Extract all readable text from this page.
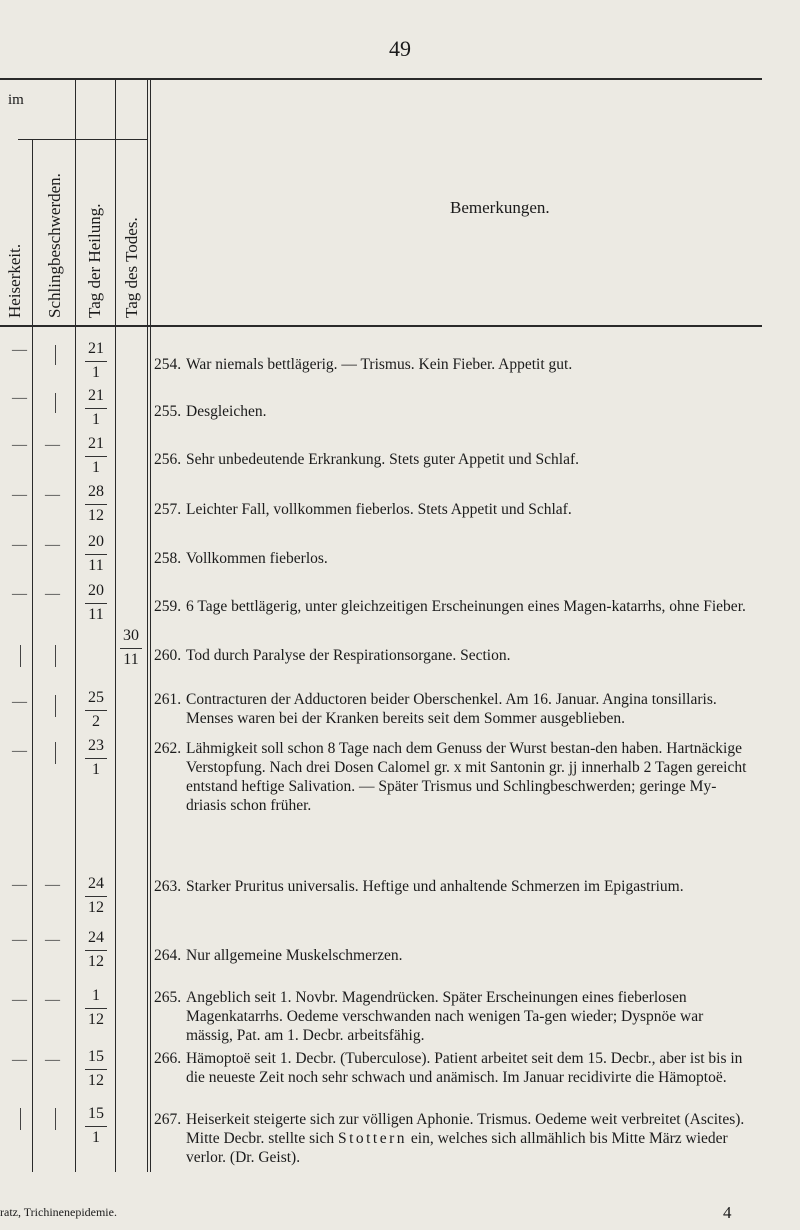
49
im
Heiserkeit. Schlingbeschwerden. Tag der Heilung. Tag des Todes.
Bemerkungen.
—
—
— —
— —
— —
— —
—
—
— —
— —
— —
— —
21
1
21
1
21
1
28
12
20
11
20
11
25
2
23
1
24
12
24
12
1
12
15
12
15
1
30
11
254. War niemals bettlägerig. — Trismus. Kein Fieber. Appetit gut.
255. Desgleichen.
256. Sehr unbedeutende Erkrankung. Stets guter Appetit und Schlaf.
257. Leichter Fall, vollkommen fieberlos. Stets Appetit und Schlaf.
258. Vollkommen fieberlos.
259. 6 Tage bettlägerig, unter gleichzeitigen Erscheinungen eines Magen-katarrhs, ohne Fieber.
260. Tod durch Paralyse der Respirationsorgane. Section.
261. Contracturen der Adductoren beider Oberschenkel. Am 16. Januar. Angina tonsillaris. Menses waren bei der Kranken bereits seit dem Sommer ausgeblieben.
262. Lähmigkeit soll schon 8 Tage nach dem Genuss der Wurst bestan-den haben. Hartnäckige Verstopfung. Nach drei Dosen Calomel gr. x mit Santonin gr. jj innerhalb 2 Tagen gereicht entstand heftige Salivation. — Später Trismus und Schlingbeschwerden; geringe My-driasis schon früher.
263. Starker Pruritus universalis. Heftige und anhaltende Schmerzen im Epigastrium.
264. Nur allgemeine Muskelschmerzen.
265. Angeblich seit 1. Novbr. Magendrücken. Später Erscheinungen eines fieberlosen Magenkatarrhs. Oedeme verschwanden nach wenigen Ta-gen wieder; Dyspnöe war mässig, Pat. am 1. Decbr. arbeitsfähig.
266. Hämoptoë seit 1. Decbr. (Tuberculose). Patient arbeitet seit dem 15. Decbr., aber ist bis in die neueste Zeit noch sehr schwach und anämisch. Im Januar recidivirte die Hämoptoë.
267. Heiserkeit steigerte sich zur völligen Aphonie. Trismus. Oedeme weit verbreitet (Ascites). Mitte Decbr. stellte sich Stottern ein, welches sich allmählich bis Mitte März wieder verlor. (Dr. Geist).
ratz, Trichinenepidemie.	4
